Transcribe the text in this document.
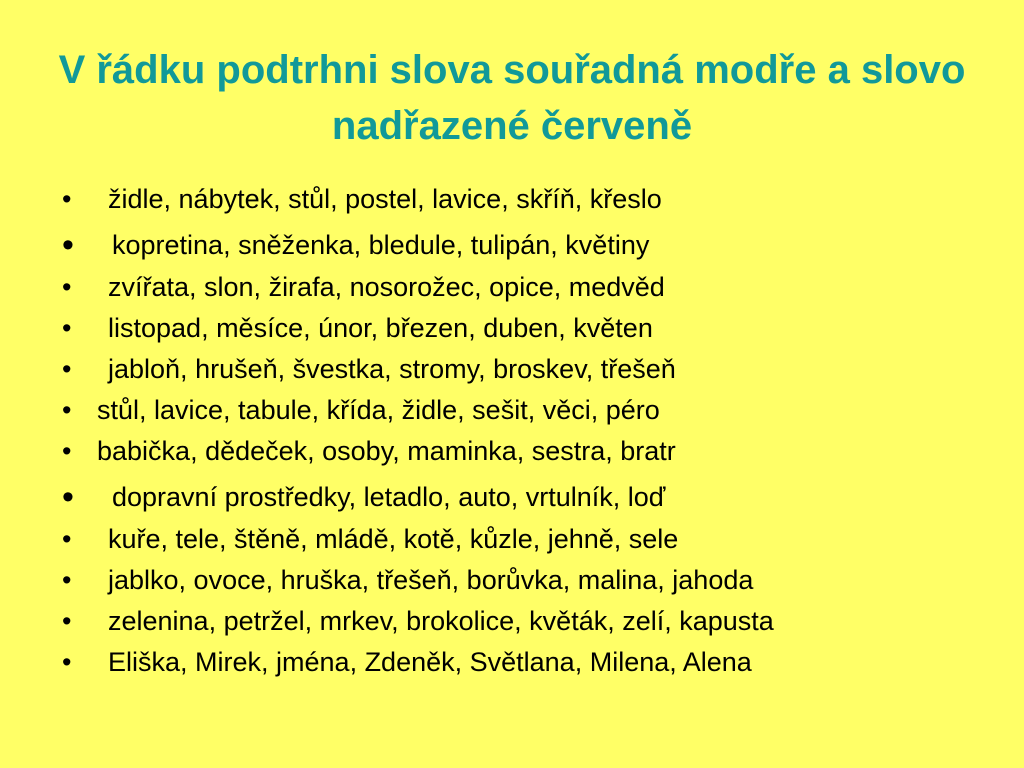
V řádku podtrhni slova souřadná modře a slovo nadřazené červeně
• židle, nábytek, stůl, postel, lavice, skříň, křeslo
• kopretina, sněženka, bledule, tulipán, květiny
• zvířata, slon, žirafa, nosorožec, opice, medvěd
• listopad, měsíce, únor, březen, duben, květen
• jabloň, hrušeň, švestka, stromy, broskev, třešeň
• stůl, lavice, tabule, křída, židle, sešit, věci, péro
• babička, dědeček, osoby, maminka, sestra, bratr
• dopravní prostředky, letadlo, auto, vrtulník, loď
• kuře, tele, štěně, mládě, kotě, kůzle, jehně, sele
• jablko, ovoce, hruška, třešeň, borůvka, malina, jahoda
• zelenina, petržel, mrkev, brokolice, květák, zelí, kapusta
• Eliška, Mirek, jména, Zdeněk, Světlana, Milena, Alena
